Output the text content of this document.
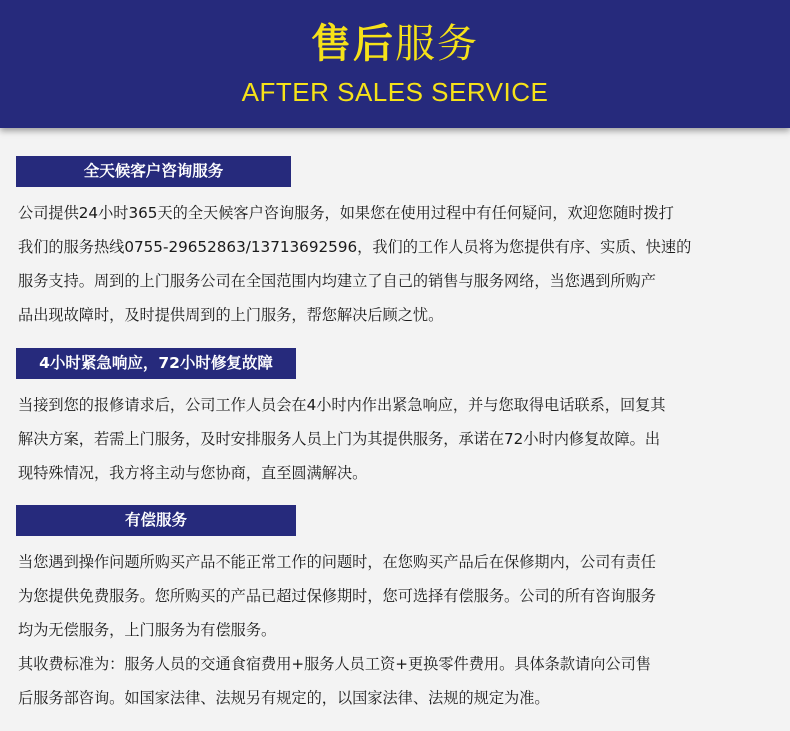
售后服务
AFTER SALES SERVICE
全天候客户咨询服务
公司提供24小时365天的全天候客户咨询服务，如果您在使用过程中有任何疑问，欢迎您随时拨打
我们的服务热线0755-29652863/13713692596，我们的工作人员将为您提供有序、实质、快速的
服务支持。周到的上门服务公司在全国范围内均建立了自己的销售与服务网络，当您遇到所购产
品出现故障时，及时提供周到的上门服务，帮您解决后顾之忧。
4小时紧急响应，72小时修复故障
当接到您的报修请求后，公司工作人员会在4小时内作出紧急响应，并与您取得电话联系，回复其
解决方案，若需上门服务，及时安排服务人员上门为其提供服务，承诺在72小时内修复故障。出
现特殊情况，我方将主动与您协商，直至圆满解决。
有偿服务
当您遇到操作问题所购买产品不能正常工作的问题时，在您购买产品后在保修期内，公司有责任
为您提供免费服务。您所购买的产品已超过保修期时，您可选择有偿服务。公司的所有咨询服务
均为无偿服务，上门服务为有偿服务。
其收费标准为：服务人员的交通食宿费用+服务人员工资+更换零件费用。具体条款请向公司售
后服务部咨询。如国家法律、法规另有规定的，以国家法律、法规的规定为准。
